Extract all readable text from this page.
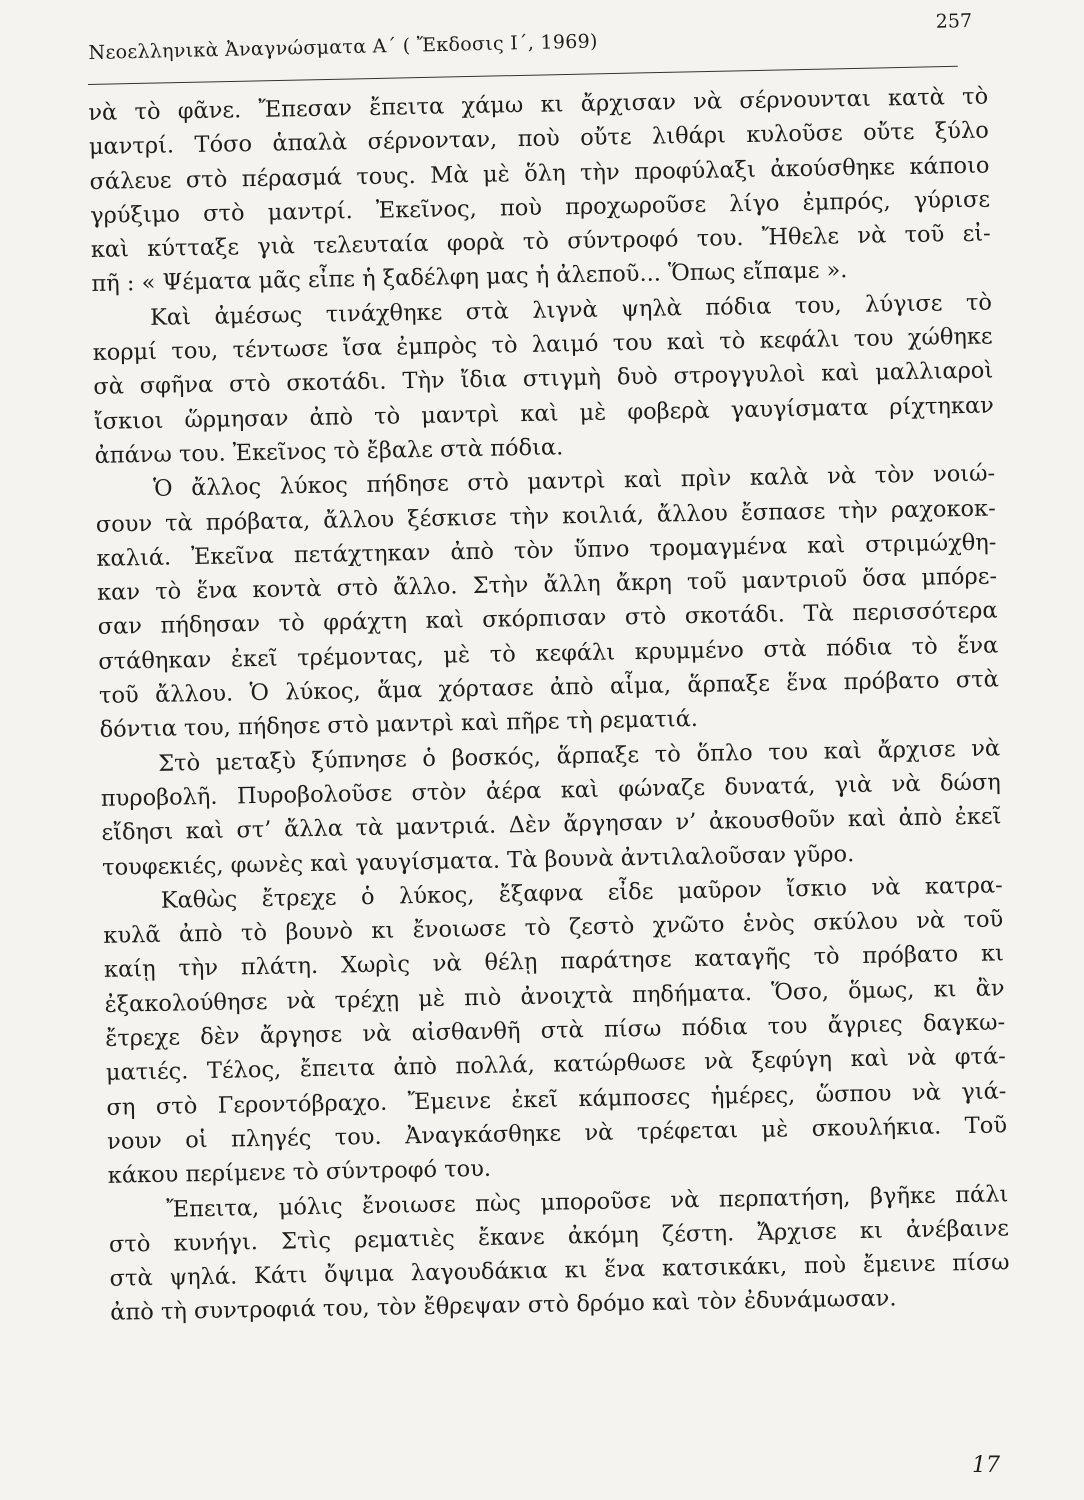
Νεοελληνικὰ Ἀναγνώσματα Α΄ ( Ἔκδοσις Ι΄, 1969)
257
νὰ τὸ φᾶνε. Ἔπεσαν ἔπειτα χάμω κι ἄρχισαν νὰ σέρνουνται κατὰ τὸ
μαντρί. Τόσο ἁπαλὰ σέρνονταν, ποὺ οὔτε λιθάρι κυλοῦσε οὔτε ξύλο
σάλευε στὸ πέρασμά τους. Μὰ μὲ ὅλη τὴν προφύλαξι ἀκούσθηκε κάποιο
γρύξιμο στὸ μαντρί. Ἐκεῖνος, ποὺ προχωροῦσε λίγο ἐμπρός, γύρισε
καὶ κύτταξε γιὰ τελευταία φορὰ τὸ σύντροφό του. Ἤθελε νὰ τοῦ εἰ-
πῆ : « Ψέματα μᾶς εἶπε ἡ ξαδέλφη μας ἡ ἀλεποῦ... Ὅπως εἴπαμε ».
Καὶ ἀμέσως τινάχθηκε στὰ λιγνὰ ψηλὰ πόδια του, λύγισε τὸ
κορμί του, τέντωσε ἴσα ἐμπρὸς τὸ λαιμό του καὶ τὸ κεφάλι του χώθηκε
σὰ σφῆνα στὸ σκοτάδι. Τὴν ἴδια στιγμὴ δυὸ στρογγυλοὶ καὶ μαλλιαροὶ
ἴσκιοι ὥρμησαν ἀπὸ τὸ μαντρὶ καὶ μὲ φοβερὰ γαυγίσματα ρίχτηκαν
ἀπάνω του. Ἐκεῖνος τὸ ἔβαλε στὰ πόδια.
Ὁ ἄλλος λύκος πήδησε στὸ μαντρὶ καὶ πρὶν καλὰ νὰ τὸν νοιώ-
σουν τὰ πρόβατα, ἄλλου ξέσκισε τὴν κοιλιά, ἄλλου ἔσπασε τὴν ραχοκοκ-
καλιά. Ἐκεῖνα πετάχτηκαν ἀπὸ τὸν ὕπνο τρομαγμένα καὶ στριμώχθη-
καν τὸ ἕνα κοντὰ στὸ ἄλλο. Στὴν ἄλλη ἄκρη τοῦ μαντριοῦ ὅσα μπόρε-
σαν πήδησαν τὸ φράχτη καὶ σκόρπισαν στὸ σκοτάδι. Τὰ περισσότερα
στάθηκαν ἐκεῖ τρέμοντας, μὲ τὸ κεφάλι κρυμμένο στὰ πόδια τὸ ἕνα
τοῦ ἄλλου. Ὁ λύκος, ἅμα χόρτασε ἀπὸ αἷμα, ἅρπαξε ἕνα πρόβατο στὰ
δόντια του, πήδησε στὸ μαντρὶ καὶ πῆρε τὴ ρεματιά.
Στὸ μεταξὺ ξύπνησε ὁ βοσκός, ἅρπαξε τὸ ὅπλο του καὶ ἄρχισε νὰ
πυροβολῆ. Πυροβολοῦσε στὸν ἀέρα καὶ φώναζε δυνατά, γιὰ νὰ δώση
εἴδησι καὶ στ’ ἄλλα τὰ μαντριά. Δὲν ἄργησαν ν’ ἀκουσθοῦν καὶ ἀπὸ ἐκεῖ
τουφεκιές, φωνὲς καὶ γαυγίσματα. Τὰ βουνὰ ἀντιλαλοῦσαν γῦρο.
Καθὼς ἔτρεχε ὁ λύκος, ἔξαφνα εἶδε μαῦρον ἴσκιο νὰ κατρα-
κυλᾶ ἀπὸ τὸ βουνὸ κι ἔνοιωσε τὸ ζεστὸ χνῶτο ἑνὸς σκύλου νὰ τοῦ
καίῃ τὴν πλάτη. Χωρὶς νὰ θέλῃ παράτησε καταγῆς τὸ πρόβατο κι
ἐξακολούθησε νὰ τρέχῃ μὲ πιὸ ἀνοιχτὰ πηδήματα. Ὅσο, ὅμως, κι ἂν
ἔτρεχε δὲν ἄργησε νὰ αἰσθανθῆ στὰ πίσω πόδια του ἄγριες δαγκω-
ματιές. Τέλος, ἔπειτα ἀπὸ πολλά, κατώρθωσε νὰ ξεφύγη καὶ νὰ φτά-
ση στὸ Γεροντόβραχο. Ἔμεινε ἐκεῖ κάμποσες ἡμέρες, ὥσπου νὰ γιά-
νουν οἱ πληγές του. Ἀναγκάσθηκε νὰ τρέφεται μὲ σκουλήκια. Τοῦ
κάκου περίμενε τὸ σύντροφό του.
Ἔπειτα, μόλις ἔνοιωσε πὼς μποροῦσε νὰ περπατήση, βγῆκε πάλι
στὸ κυνήγι. Στὶς ρεματιὲς ἔκανε ἀκόμη ζέστη. Ἄρχισε κι ἀνέβαινε
στὰ ψηλά. Κάτι ὄψιμα λαγουδάκια κι ἕνα κατσικάκι, ποὺ ἔμεινε πίσω
ἀπὸ τὴ συντροφιά του, τὸν ἔθρεψαν στὸ δρόμο καὶ τὸν ἐδυνάμωσαν.
17
